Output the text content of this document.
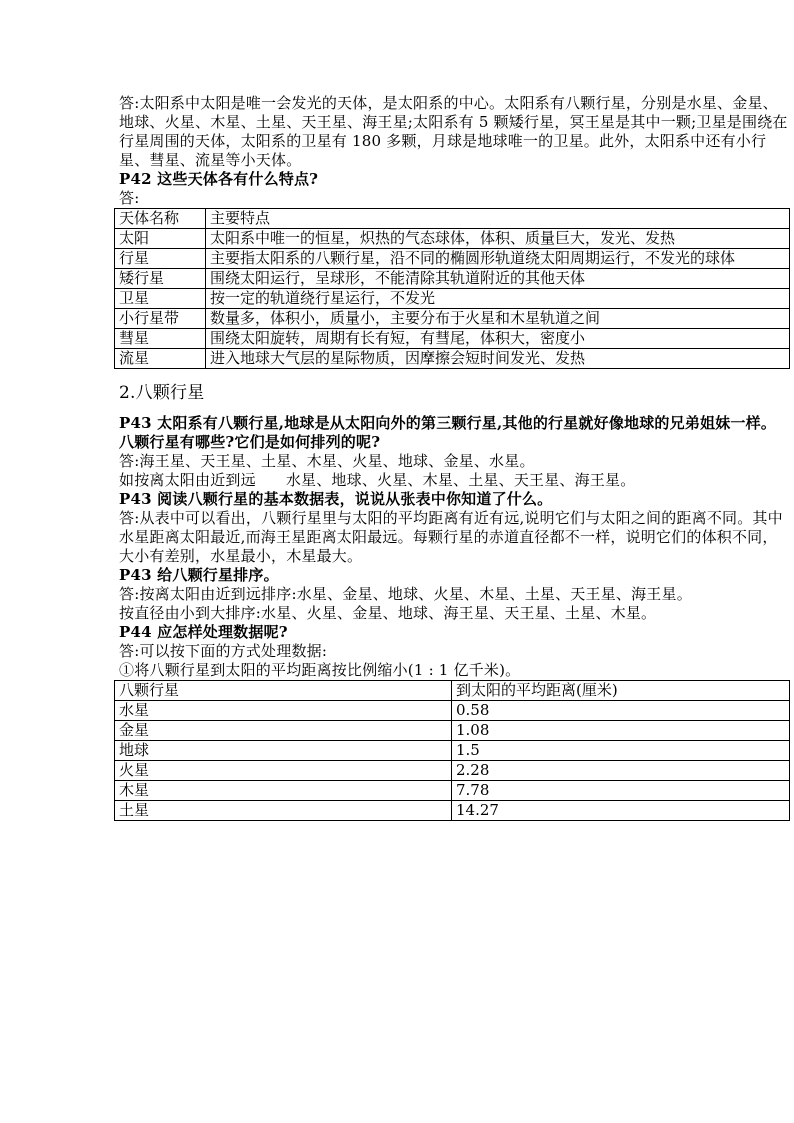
答:太阳系中太阳是唯一会发光的天体，是太阳系的中心。太阳系有八颗行星，分别是水星、金星、地球、火星、木星、土星、天王星、海王星;太阳系有 5 颗矮行星，冥王星是其中一颗;卫星是围绕在行星周围的天体，太阳系的卫星有 180 多颗，月球是地球唯一的卫星。此外，太阳系中还有小行星、彗星、流星等小天体。

P42 这些天体各有什么特点?

答:

天体名称	主要特点
太阳	太阳系中唯一的恒星，炽热的气态球体，体积、质量巨大，发光、发热
行星	主要指太阳系的八颗行星，沿不同的椭圆形轨道绕太阳周期运行，不发光的球体
矮行星	围绕太阳运行，呈球形，不能清除其轨道附近的其他天体
卫星	按一定的轨道绕行星运行，不发光
小行星带	数量多，体积小，质量小，主要分布于火星和木星轨道之间
彗星	围绕太阳旋转，周期有长有短，有彗尾，体积大，密度小
流星	进入地球大气层的星际物质，因摩擦会短时间发光、发热

2.八颗行星

P43 太阳系有八颗行星,地球是从太阳向外的第三颗行星,其他的行星就好像地球的兄弟姐妹一样。八颗行星有哪些?它们是如何排列的呢?

答:海王星、天王星、土星、木星、火星、地球、金星、水星。

如按离太阳由近到远 水星、地球、火星、木星、土星、天王星、海王星。

P43 阅读八颗行星的基本数据表，说说从张表中你知道了什么。

答:从表中可以看出，八颗行星里与太阳的平均距离有近有远,说明它们与太阳之间的距离不同。其中水星距离太阳最近,而海王星距离太阳最远。每颗行星的赤道直径都不一样，说明它们的体积不同，大小有差别，水星最小，木星最大。

P43 给八颗行星排序。

答:按离太阳由近到远排序:水星、金星、地球、火星、木星、土星、天王星、海王星。

按直径由小到大排序:水星、火星、金星、地球、海王星、天王星、土星、木星。

P44 应怎样处理数据呢?

答:可以按下面的方式处理数据:

①将八颗行星到太阳的平均距离按比例缩小(1 : 1 亿千米)。

八颗行星	到太阳的平均距离(厘米)
水星	0.58
金星	1.08
地球	1.5
火星	2.28
木星	7.78
土星	14.27
